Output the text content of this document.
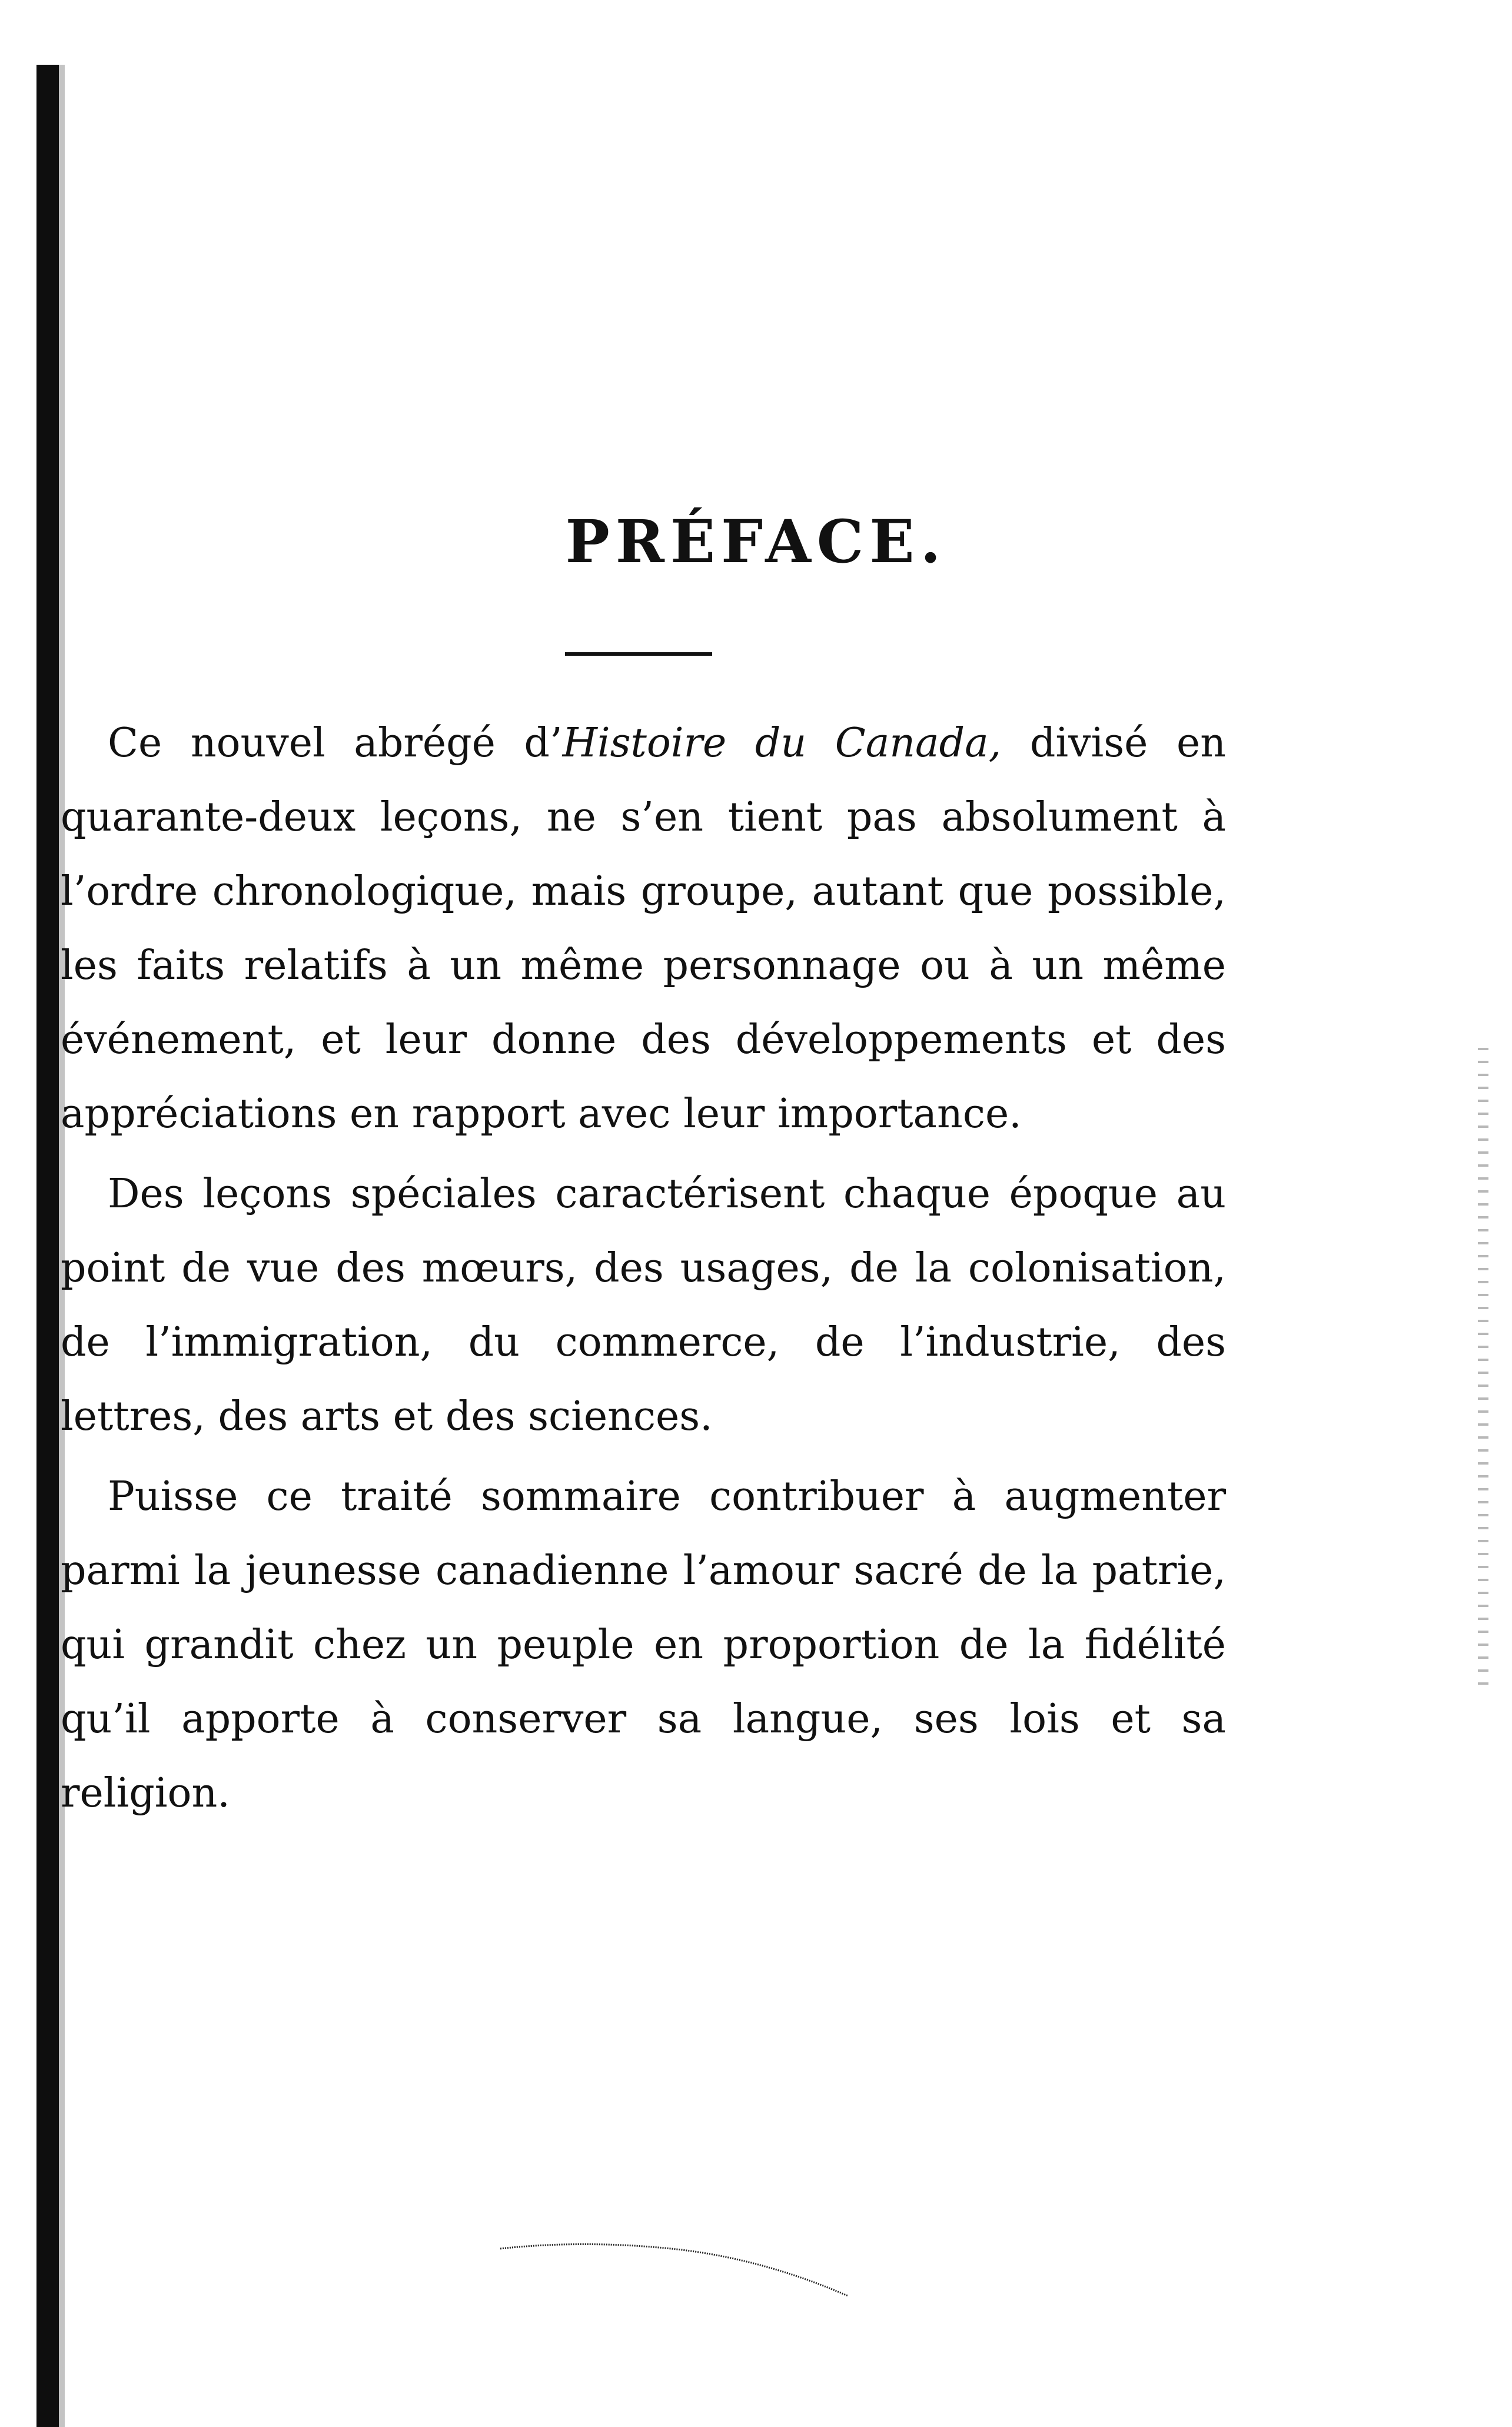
PRÉFACE.

Ce nouvel abrégé d’Histoire du Canada, divisé en quarante-deux leçons, ne s’en tient pas absolument à l’ordre chronologique, mais groupe, autant que possible, les faits relatifs à un même personnage ou à un même événement, et leur donne des développements et des appréciations en rapport avec leur importance.

Des leçons spéciales caractérisent chaque époque au point de vue des mœurs, des usages, de la colonisation, de l’immigration, du commerce, de l’industrie, des lettres, des arts et des sciences.

Puisse ce traité sommaire contribuer à augmenter parmi la jeunesse canadienne l’amour sacré de la patrie, qui grandit chez un peuple en proportion de la fidélité qu’il apporte à conserver sa langue, ses lois et sa religion.
